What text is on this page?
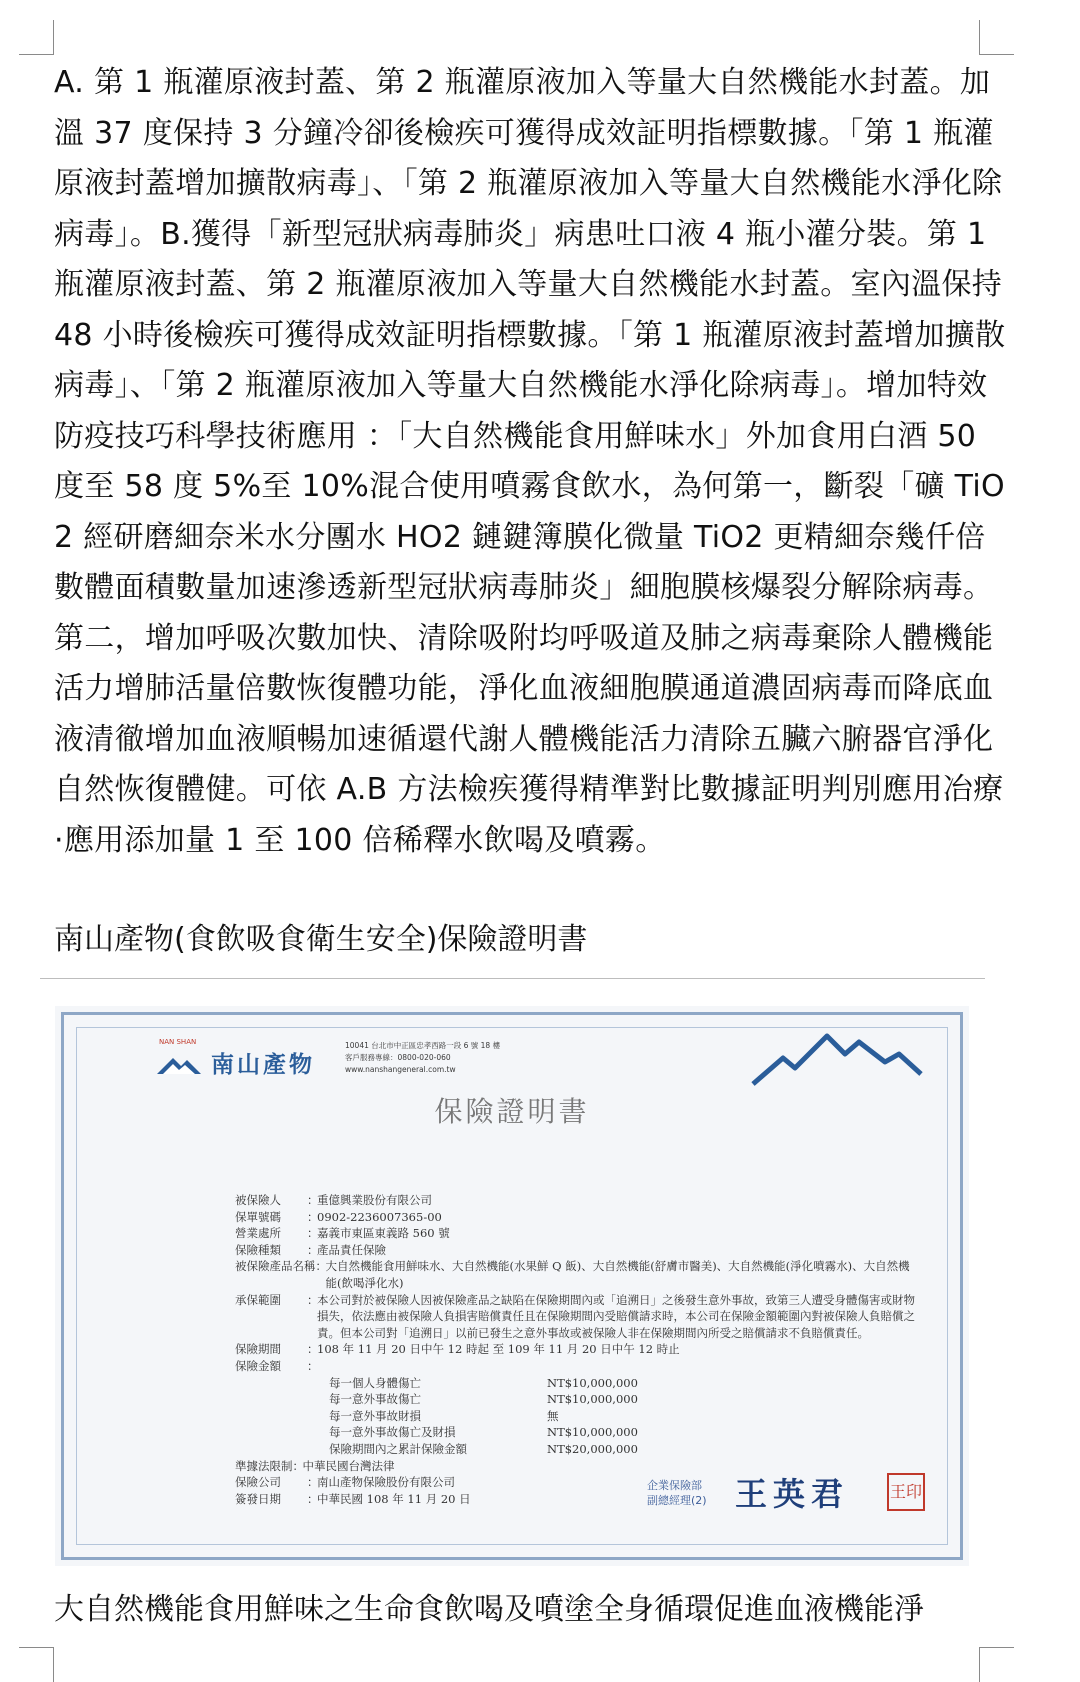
A. 第 1 瓶灌原液封蓋、第 2 瓶灌原液加入等量大自然機能水封蓋。加溫 37 度保持 3 分鐘冷卻後檢疾可獲得成效証明指標數據。「第 1 瓶灌原液封蓋增加擴散病毒」、「第 2 瓶灌原液加入等量大自然機能水淨化除病毒」。B.獲得「新型冠狀病毒肺炎」病患吐口液 4 瓶小灌分裝。第 1 瓶灌原液封蓋、第 2 瓶灌原液加入等量大自然機能水封蓋。室內溫保持 48 小時後檢疾可獲得成效証明指標數據。「第 1 瓶灌原液封蓋增加擴散病毒」、「第 2 瓶灌原液加入等量大自然機能水淨化除病毒」。增加特效防疫技巧科學技術應用 ：「大自然機能食用鮮味水」外加食用白酒 50 度至 58 度 5%至 10%混合使用噴霧食飲水，為何第一，斷裂「礦 TiO2 經研磨細奈米水分團水 HO2 鏈鍵簿膜化微量 TiO2 更精細奈幾仟倍數體面積數量加速滲透新型冠狀病毒肺炎」細胞膜核爆裂分解除病毒。第二，增加呼吸次數加快、清除吸附均呼吸道及肺之病毒棄除人體機能活力增肺活量倍數恢復體功能，淨化血液細胞膜通道濃固病毒而降底血液清徹增加血液順暢加速循還代謝人體機能活力清除五臟六腑器官淨化自然恢復體健。可依 A.B 方法檢疾獲得精準對比數據証明判別應用冶療 ·應用添加量 1 至 100 倍稀釋水飲喝及噴霧。

南山產物(食飲吸食衛生安全)保險證明書

NAN SHAN
南山產物
10041 台北市中正區忠孝西路一段 6 號 18 樓
客戶服務專線：0800-020-060
www.nanshangeneral.com.tw
保險證明書
被保險人	：
重億興業股份有限公司
保單號碼	：
0902-2236007365-00
營業處所	：
嘉義市東區東義路 560 號
保險種類	：
產品責任保險
被保險產品名稱 ：
大自然機能食用鮮味水、大自然機能(水果鮮 Q 飯)、大自然機能(舒膚市醫美)、大自然機能(淨化噴霧水)、大自然機能(飲喝淨化水)
承保範圍	：
本公司對於被保險人因被保險產品之缺陷在保險期間內或「追溯日」之後發生意外事故，致第三人遭受身體傷害或財物損失，依法應由被保險人負損害賠償責任且在保險期間內受賠償請求時，本公司在保險金額範圍內對被保險人負賠償之責。但本公司對「追溯日」以前已發生之意外事故或被保險人非在保險期間內所受之賠償請求不負賠償責任。
保險期間	：
108 年 11 月 20 日中午 12 時起 至 109 年 11 月 20 日中午 12 時止
保險金額	：
每一個人身體傷亡	NT$10,000,000
每一意外事故傷亡	NT$10,000,000
每一意外事故財損	無
每一意外事故傷亡及財損	NT$10,000,000
保險期間內之累計保險金額	NT$20,000,000
準據法限制 ：
中華民國台灣法律
保險公司	：
南山產物保險股份有限公司
簽發日期	：
中華民國 108 年 11 月 20 日
企業保險部
副總經理(2) 王英君	王印

大自然機能食用鮮味之生命食飲喝及噴塗全身循環促進血液機能淨
